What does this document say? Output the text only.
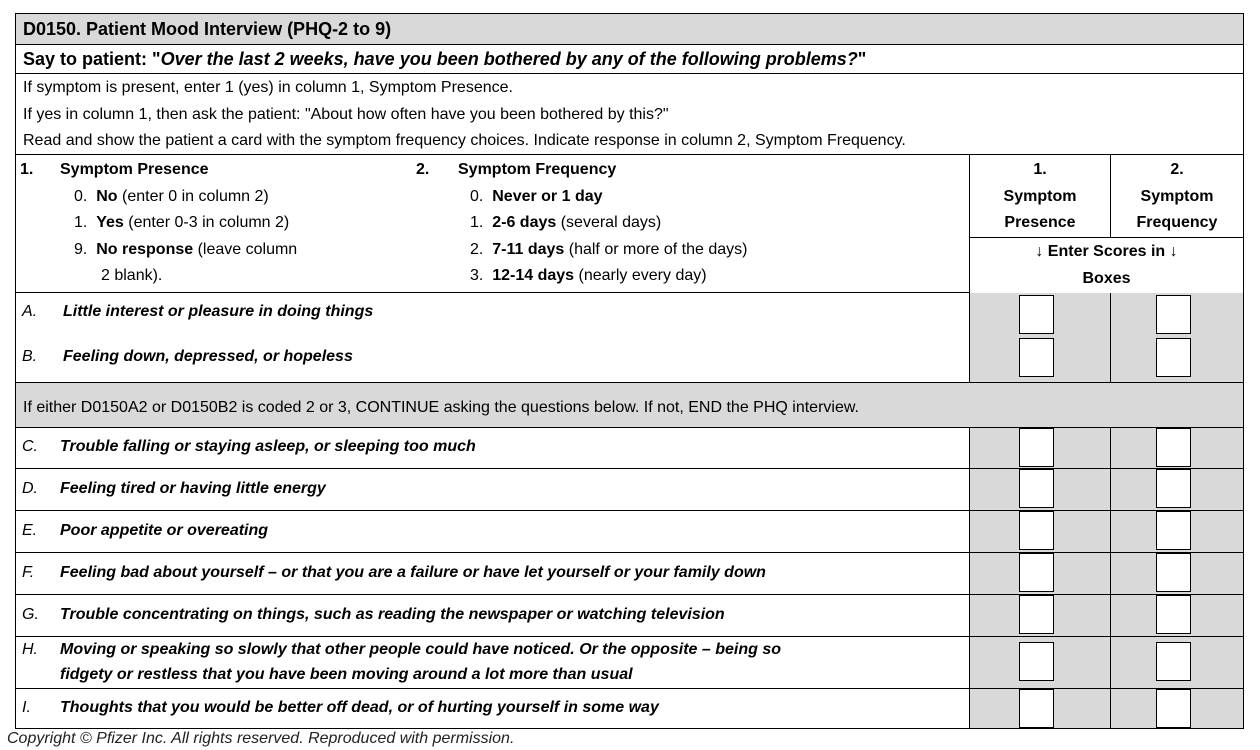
D0150. Patient Mood Interview (PHQ-2 to 9)
Say to patient: "Over the last 2 weeks, have you been bothered by any of the following problems?"
If symptom is present, enter 1 (yes) in column 1, Symptom Presence.
If yes in column 1, then ask the patient: "About how often have you been bothered by this?"
Read and show the patient a card with the symptom frequency choices. Indicate response in column 2, Symptom Frequency.
1. Symptom Presence
0. No (enter 0 in column 2)
1. Yes (enter 0-3 in column 2)
9. No response (leave column
2 blank).
2. Symptom Frequency
0. Never or 1 day
1. 2-6 days (several days)
2. 7-11 days (half or more of the days)
3. 12-14 days (nearly every day)
1.
Symptom
Presence
2.
Symptom
Frequency
↓ Enter Scores in ↓
Boxes
A. Little interest or pleasure in doing things
B. Feeling down, depressed, or hopeless
If either D0150A2 or D0150B2 is coded 2 or 3, CONTINUE asking the questions below. If not, END the PHQ interview.
C. Trouble falling or staying asleep, or sleeping too much
D. Feeling tired or having little energy
E. Poor appetite or overeating
F. Feeling bad about yourself – or that you are a failure or have let yourself or your family down
G. Trouble concentrating on things, such as reading the newspaper or watching television
H. Moving or speaking so slowly that other people could have noticed. Or the opposite – being so
fidgety or restless that you have been moving around a lot more than usual
I. Thoughts that you would be better off dead, or of hurting yourself in some way
Copyright © Pfizer Inc. All rights reserved. Reproduced with permission.
